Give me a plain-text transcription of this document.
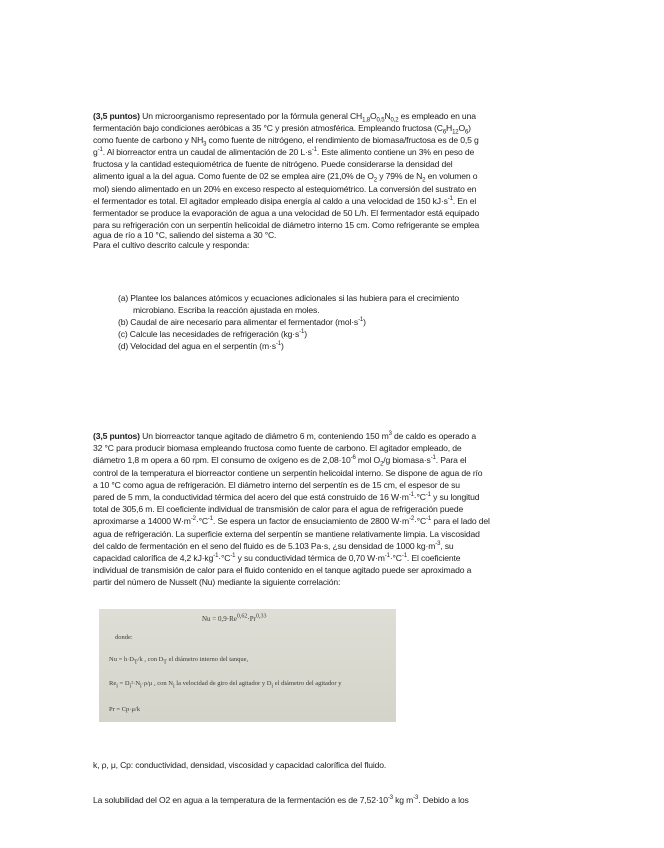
(3,5 puntos) Un microorganismo representado por la fórmula general $CH_{1,8}O_{0,5}N_{0,2}$ es empleado en una

fermentación bajo condiciones aeróbicas a 35 °C y presión atmosférica. Empleando fructosa $(C_6H_{12}O_6)$

como fuente de carbono y $NH_3$ como fuente de nitrógeno, el rendimiento de biomasa/fructosa es de 0,5 g

$g^{-1}$. Al biorreactor entra un caudal de alimentación de 20 $L\cdot s^{-1}$. Este alimento contiene un 3% en peso de

fructosa y la cantidad estequiométrica de fuente de nitrógeno. Puede considerarse la densidad del

alimento igual a la del agua. Como fuente de 02 se emplea aire (21,0% de $O_2$ y 79% de $N_2$ en volumen o

mol) siendo alimentado en un 20% en exceso respecto al estequiométrico. La conversión del sustrato en

el fermentador es total. El agitador empleado disipa energía al caldo a una velocidad de 150 $kJ\cdot s^{-1}$. En el

fermentador se produce la evaporación de agua a una velocidad de 50 L/h. El fermentador está equipado

para su refrigeración con un serpentín helicoidal de diámetro interno 15 cm. Como refrigerante se emplea

agua de río a 10 °C, saliendo del sistema a 30 °C.

Para el cultivo descrito calcule y responda:

(a) Plantee los balances atómicos y ecuaciones adicionales si las hubiera para el crecimiento

microbiano. Escriba la reacción ajustada en moles.

(b) Caudal de aire necesario para alimentar el fermentador $(mol\cdot s^{-1})$

(c) Calcule las necesidades de refrigeración $(kg\cdot s^{-1})$

(d) Velocidad del agua en el serpentín $(m\cdot s^{-1})$

(3,5 puntos) Un biorreactor tanque agitado de diámetro 6 m, conteniendo 150 $m^3$ de caldo es operado a

32 °C para producir biomasa empleando fructosa como fuente de carbono. El agitador empleado, de

diámetro 1,8 m opera a 60 rpm. El consumo de oxígeno es de $2,08\cdot 10^{-6}$ mol $O_2/g$ $biomasa\cdot s^{-1}$. Para el

control de la temperatura el biorreactor contiene un serpentín helicoidal interno. Se dispone de agua de río

a 10 °C como agua de refrigeración. El diámetro interno del serpentín es de 15 cm, el espesor de su

pared de 5 mm, la conductividad térmica del acero del que está construido de 16 $W\cdot m^{-1}\cdot^\circ C^{-1}$ y su longitud

total de 305,6 m. El coeficiente individual de transmisión de calor para el agua de refrigeración puede

aproximarse a 14000 $W\cdot m^{-2}\cdot^\circ C^{-1}$. Se espera un factor de ensuciamiento de 2800 $W\cdot m^{-2}\cdot^\circ C^{-1}$ para el lado del

agua de refrigeración. La superficie externa del serpentín se mantiene relativamente limpia. La viscosidad

del caldo de fermentación en el seno del fluido es de 5.103 Pa·s, ¿su densidad de 1000 $kg\cdot m^{-3}$, su

capacidad calorífica de 4,2 $kJ\cdot kg^{-1}\cdot^\circ C^{-1}$ y su conductividad térmica de 0,70 $W\cdot m^{-1}\cdot^\circ C^{-1}$. El coeficiente

individual de transmisión de calor para el fluido contenido en el tanque agitado puede ser aproximado a

partir del número de Nusselt (Nu) mediante la siguiente correlación:

Nu = 0,9·Re$^{0,62}$·Pr$^{0,33}$
donde:
$Nu = h\cdot D_T/k$ , con $D_T$ el diámetro interno del tanque,
$Re_i = D_i^2\cdot N_i\cdot\rho/\mu$ , con $N_i$ la velocidad de giro del agitador y $D_i$ el diámetro del agitador y
Pr = Cp·μ/k
k, ρ, μ, Cp: conductividad, densidad, viscosidad y capacidad calorífica del fluido.
La solubilidad del O2 en agua a la temperatura de la fermentación es de $7,52\cdot 10^{-3}$ kg $m^{-3}$. Debido a los
